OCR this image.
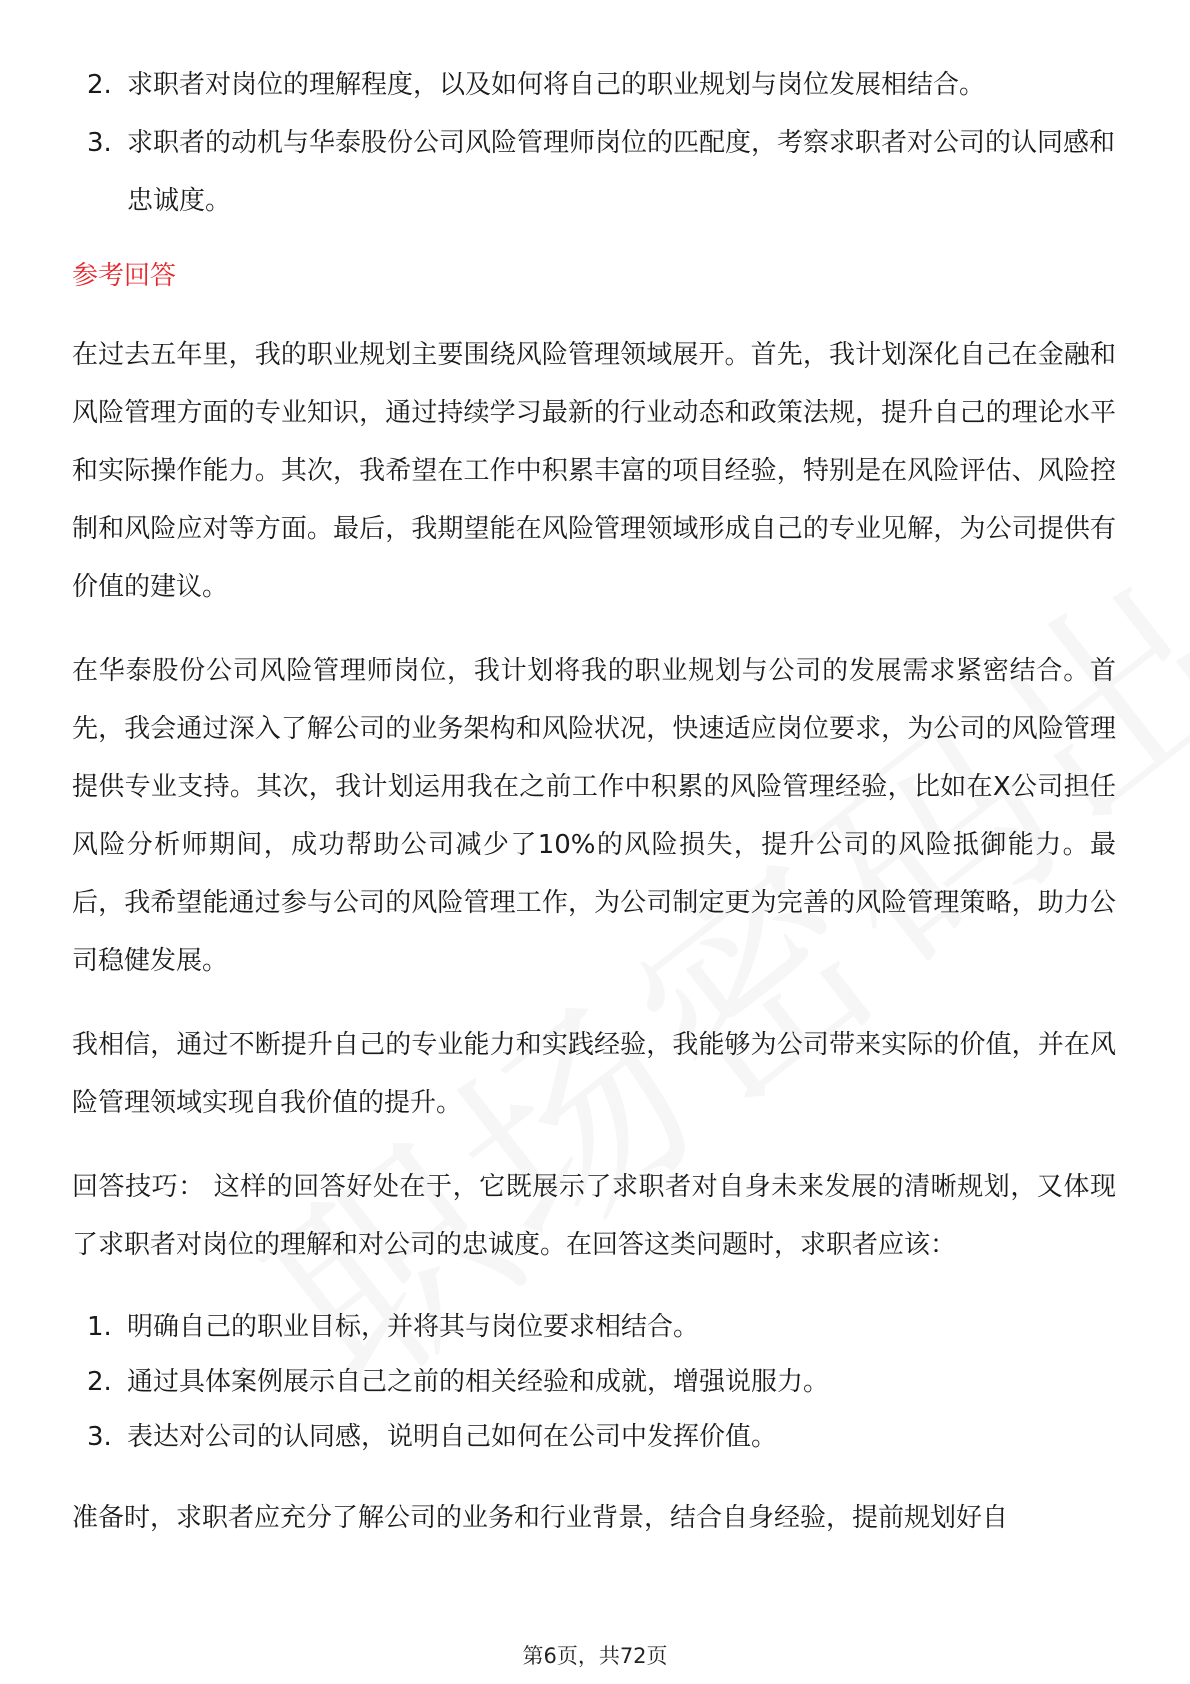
2. 求职者对岗位的理解程度，以及如何将自己的职业规划与岗位发展相结合。
3. 求职者的动机与华泰股份公司风险管理师岗位的匹配度，考察求职者对公司的认同感和忠诚度。
参考回答

在过去五年里，我的职业规划主要围绕风险管理领域展开。首先，我计划深化自己在金融和风险管理方面的专业知识，通过持续学习最新的行业动态和政策法规，提升自己的理论水平和实际操作能力。其次，我希望在工作中积累丰富的项目经验，特别是在风险评估、风险控制和风险应对等方面。最后，我期望能在风险管理领域形成自己的专业见解，为公司提供有价值的建议。

在华泰股份公司风险管理师岗位，我计划将我的职业规划与公司的发展需求紧密结合。首先，我会通过深入了解公司的业务架构和风险状况，快速适应岗位要求，为公司的风险管理提供专业支持。其次，我计划运用我在之前工作中积累的风险管理经验，比如在X公司担任风险分析师期间，成功帮助公司减少了10%的风险损失，提升公司的风险抵御能力。最后，我希望能通过参与公司的风险管理工作，为公司制定更为完善的风险管理策略，助力公司稳健发展。

我相信，通过不断提升自己的专业能力和实践经验，我能够为公司带来实际的价值，并在风险管理领域实现自我价值的提升。

回答技巧： 这样的回答好处在于，它既展示了求职者对自身未来发展的清晰规划，又体现了求职者对岗位的理解和对公司的忠诚度。在回答这类问题时，求职者应该：

1. 明确自己的职业目标，并将其与岗位要求相结合。
2. 通过具体案例展示自己之前的相关经验和成就，增强说服力。
3. 表达对公司的认同感，说明自己如何在公司中发挥价值。

准备时，求职者应充分了解公司的业务和行业背景，结合自身经验，提前规划好自

第6页，共72页
